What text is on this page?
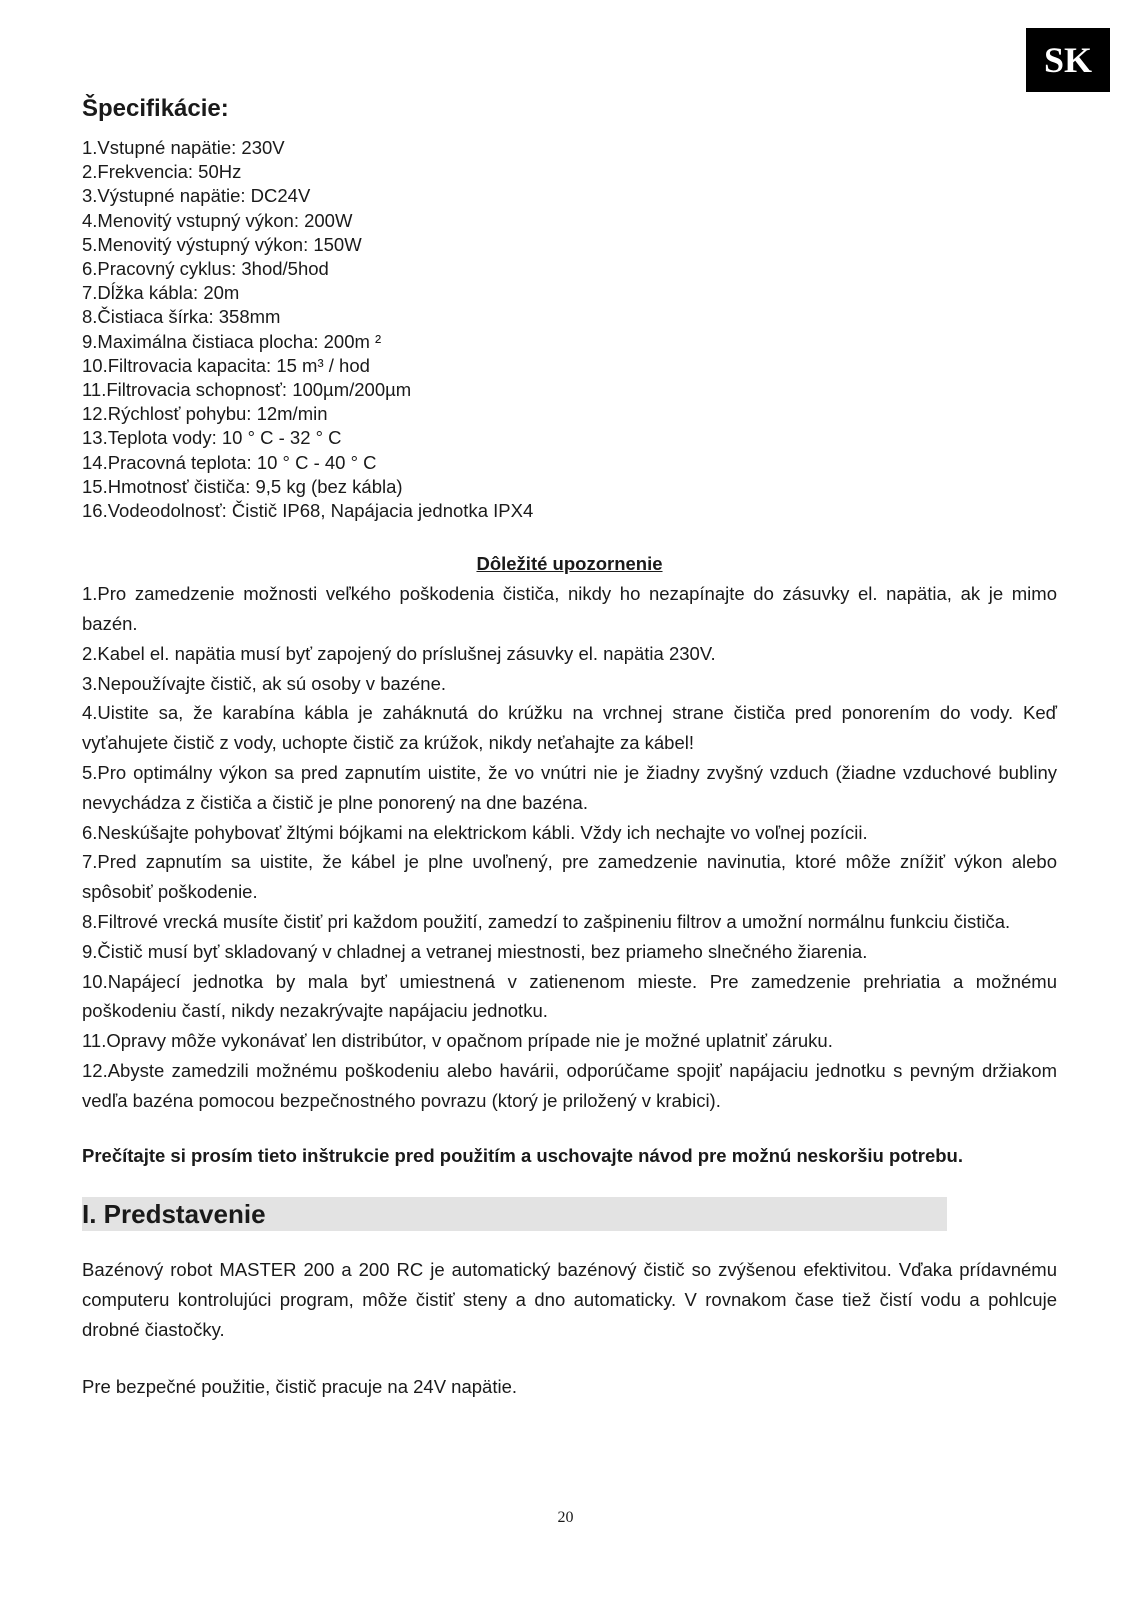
SK
Špecifikácie:
1.Vstupné napätie: 230V
2.Frekvencia: 50Hz
3.Výstupné napätie: DC24V
4.Menovitý vstupný výkon: 200W
5.Menovitý výstupný výkon: 150W
6.Pracovný cyklus: 3hod/5hod
7.Dĺžka kábla: 20m
8.Čistiaca šírka: 358mm
9.Maximálna čistiaca plocha: 200m ²
10.Filtrovacia kapacita: 15 m³ / hod
11.Filtrovacia schopnosť: 100µm/200µm
12.Rýchlosť pohybu: 12m/min
13.Teplota vody: 10 ° C - 32 ° C
14.Pracovná teplota: 10 ° C - 40 ° C
15.Hmotnosť čističa: 9,5 kg (bez kábla)
16.Vodeodolnosť: Čistič IP68, Napájacia jednotka IPX4
Dôležité upozornenie
1.Pro zamedzenie možnosti veľkého poškodenia čističa, nikdy ho nezapínajte do zásuvky el. napätia, ak je mimo bazén.
2.Kabel el. napätia musí byť zapojený do príslušnej zásuvky el. napätia 230V.
3.Nepoužívajte čistič, ak sú osoby v bazéne.
4.Uistite sa, že karabína kábla je zaháknutá do krúžku na vrchnej strane čističa pred ponorením do vody. Keď vyťahujete čistič z vody, uchopte čistič za krúžok, nikdy neťahajte za kábel!
5.Pro optimálny výkon sa pred zapnutím uistite, že vo vnútri nie je žiadny zvyšný vzduch (žiadne vzduchové bubliny nevychádza z čističa a čistič je plne ponorený na dne bazéna.
6.Neskúšajte pohybovať žltými bójkami na elektrickom kábli. Vždy ich nechajte vo voľnej pozícii.
7.Pred zapnutím sa uistite, že kábel je plne uvoľnený, pre zamedzenie navinutia, ktoré môže znížiť výkon alebo spôsobiť poškodenie.
8.Filtrové vrecká musíte čistiť pri každom použití, zamedzí to zašpineniu filtrov a umožní normálnu funkciu čističa.
9.Čistič musí byť skladovaný v chladnej a vetranej miestnosti, bez priameho slnečného žiarenia.
10.Napájecí jednotka by mala byť umiestnená v zatienenom mieste. Pre zamedzenie prehriatia a možnému poškodeniu častí, nikdy nezakrývajte napájaciu jednotku.
11.Opravy môže vykonávať len distribútor, v opačnom prípade nie je možné uplatniť záruku.
12.Abyste zamedzili možnému poškodeniu alebo havárii, odporúčame spojiť napájaciu jednotku s pevným držiakom vedľa bazéna pomocou bezpečnostného povrazu (ktorý je priložený v krabici).
Prečítajte si prosím tieto inštrukcie pred použitím a uschovajte návod pre možnú neskoršiu potrebu.
I. Predstavenie
Bazénový robot MASTER 200 a 200 RC je automatický bazénový čistič so zvýšenou efektivitou. Vďaka prídavnému computeru kontrolujúci program, môže čistiť steny a dno automaticky. V rovnakom čase tiež čistí vodu a pohlcuje drobné čiastočky.
Pre bezpečné použitie, čistič pracuje na 24V napätie.
20
